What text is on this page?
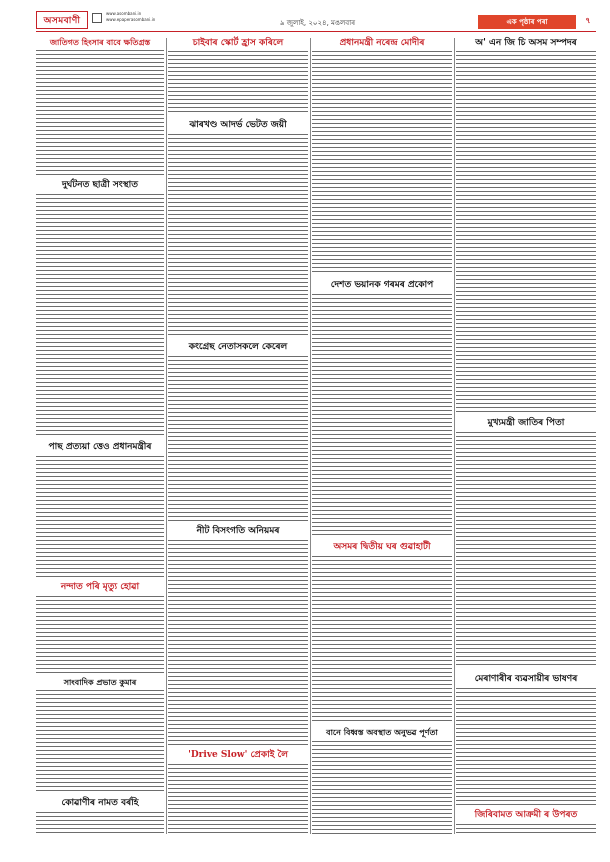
অসমবাণী
www.asombani.in
www.epaperasombani.in	৯ জুলাই, ২০২৪, মঙলবাৰ	এক পৃষ্ঠাৰ পৰা	৭
জাতিগত হিংসাৰ বাবে ক্ষতিগ্ৰস্ত
দুৰ্ঘটনত ছাত্ৰী সংস্থাত
পাছ প্ৰত্যয়া ত্তেও প্ৰধানমন্ত্ৰীৰ
নন্দাত পৰি মৃত্যু হোৱা
সাংবাদিক প্ৰভাত কুমাৰ
কোৱাণীৰ নামত বৰ্ৰহি
চাইবাৰ স্কোৰ্ট হ্ৰাস কৰিলে
ঝাৰখণ্ড আদৰ্ভ ভেটত জয়ী
কংগ্ৰেছ নেতাসকলে কেৰেল
নীট বিসংগতি অনিয়মৰ
'Drive Slow' প্ৰেকাই লৈ
প্ৰধানমন্ত্ৰী নৰেন্দ্ৰ মোদীৰ
দেশত ভয়ানক গৰমৰ প্ৰকোপ
অসমৰ দ্বিতীয় ঘৰ গুৱাহাটী
বানে বিধ্বস্ত অবস্থাত অনুভৱ পূৰ্ণতা
অ' এন জি চি অসম সম্পদৰ
মুখ্যমন্ত্ৰী জাতিৰ পিতা
মেৰাণাৰীৰ ব্যৱসায়ীৰ ভাষণৰ
জিৰিবামত আক্ৰমী ৰ উপৰত
